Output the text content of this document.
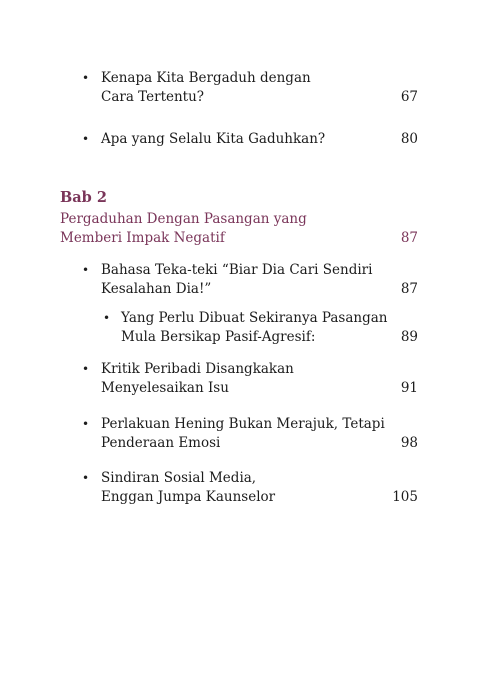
• Kenapa Kita Bergaduh dengan
Cara Tertentu?	67
• Apa yang Selalu Kita Gaduhkan?	80
Bab 2
Pergaduhan Dengan Pasangan yang
Memberi Impak Negatif	87
• Bahasa Teka-teki “Biar Dia Cari Sendiri
Kesalahan Dia!”	87
• Yang Perlu Dibuat Sekiranya Pasangan
Mula Bersikap Pasif-Agresif:	89
• Kritik Peribadi Disangkakan
Menyelesaikan Isu	91
• Perlakuan Hening Bukan Merajuk, Tetapi
Penderaan Emosi	98
• Sindiran Sosial Media,
Enggan Jumpa Kaunselor	105
